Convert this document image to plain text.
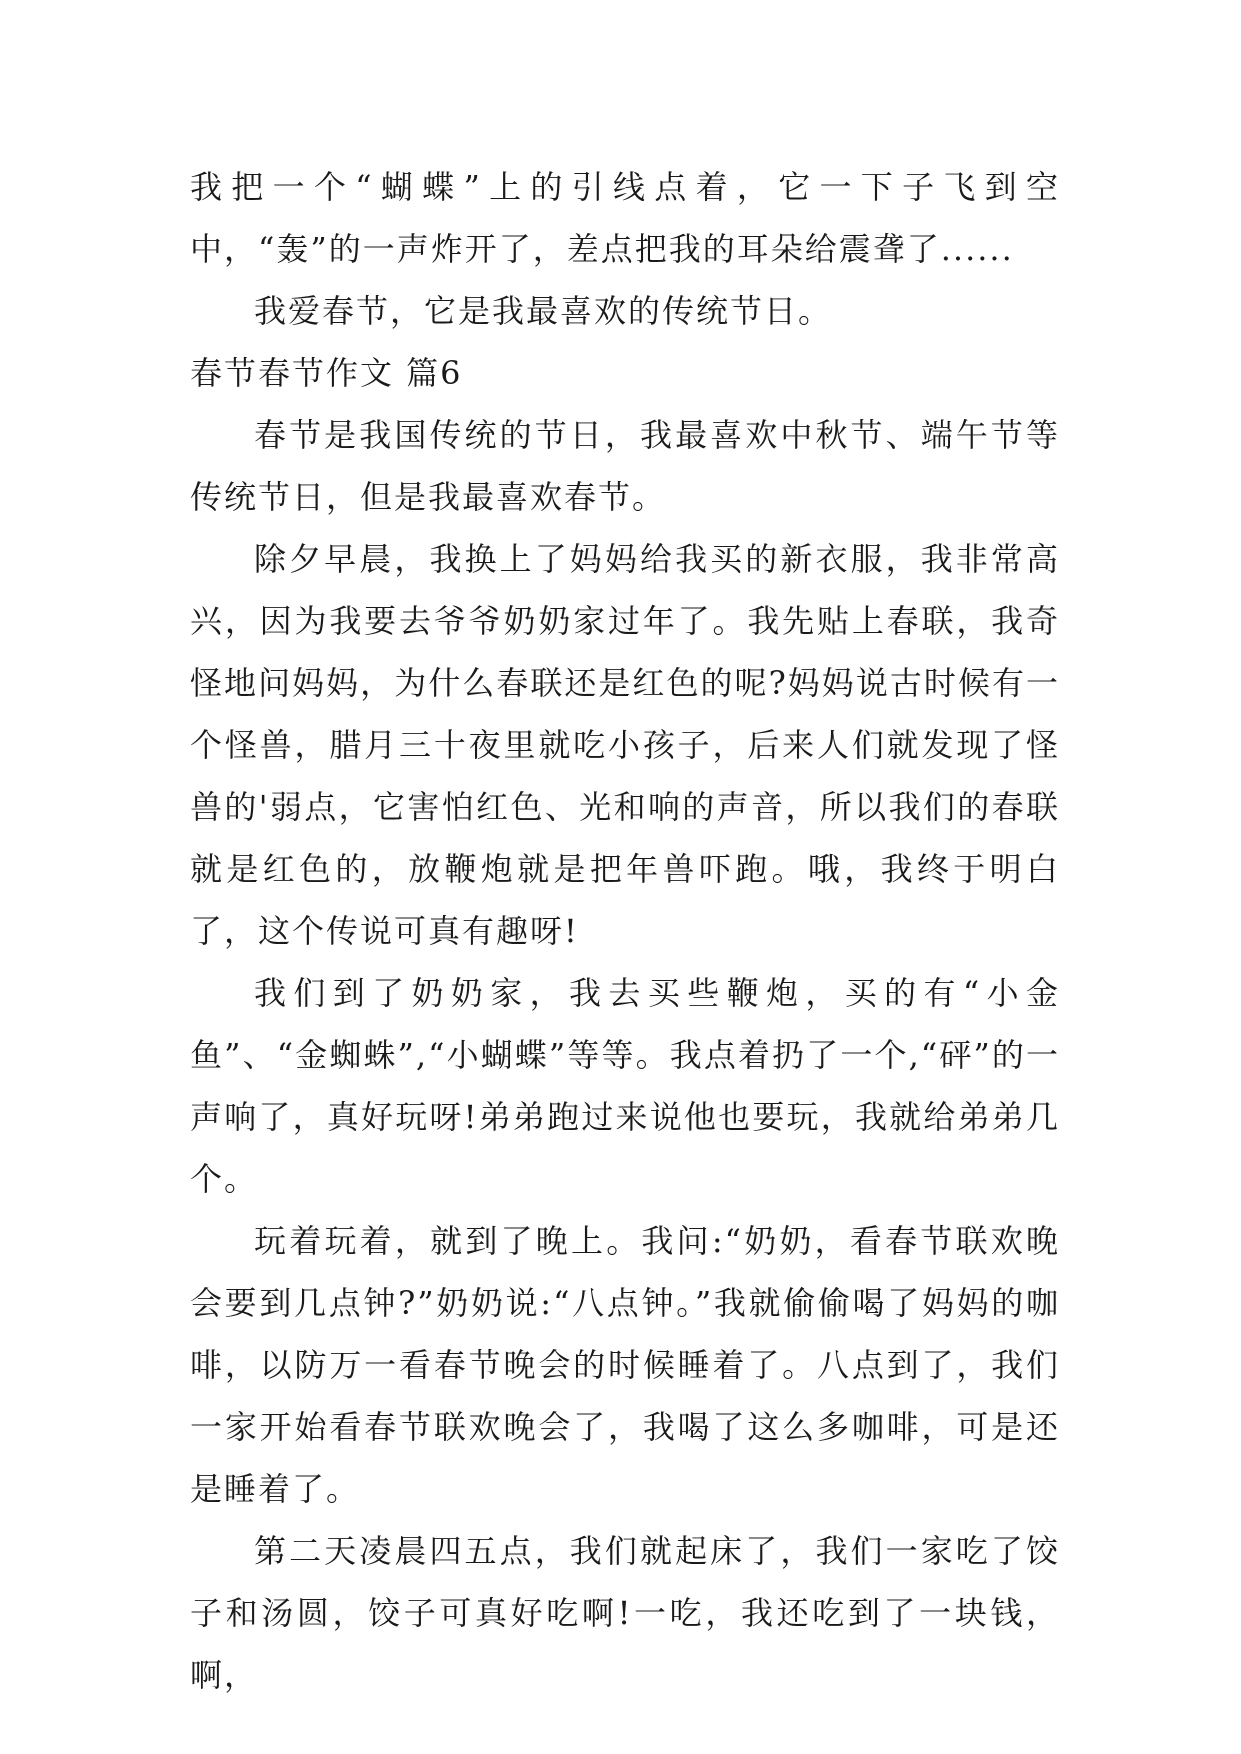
我把一个“蝴蝶”上的引线点着，它一下子飞到空中，“轰”的一声炸开了，差点把我的耳朵给震聋了......

我爱春节，它是我最喜欢的传统节日。

春节春节作文 篇6

春节是我国传统的节日，我最喜欢中秋节、端午节等传统节日，但是我最喜欢春节。

除夕早晨，我换上了妈妈给我买的新衣服，我非常高兴，因为我要去爷爷奶奶家过年了。我先贴上春联，我奇怪地问妈妈，为什么春联还是红色的呢?妈妈说古时候有一个怪兽，腊月三十夜里就吃小孩子，后来人们就发现了怪兽的'弱点，它害怕红色、光和响的声音，所以我们的春联就是红色的，放鞭炮就是把年兽吓跑。哦，我终于明白了，这个传说可真有趣呀!

我们到了奶奶家，我去买些鞭炮，买的有“小金鱼”、“金蜘蛛”,“小蝴蝶”等等。我点着扔了一个,“砰”的一声响了，真好玩呀!弟弟跑过来说他也要玩，我就给弟弟几个。

玩着玩着，就到了晚上。我问:“奶奶，看春节联欢晚会要到几点钟?”奶奶说:“八点钟。”我就偷偷喝了妈妈的咖啡，以防万一看春节晚会的时候睡着了。八点到了，我们一家开始看春节联欢晚会了，我喝了这么多咖啡，可是还是睡着了。

第二天凌晨四五点，我们就起床了，我们一家吃了饺子和汤圆，饺子可真好吃啊!一吃，我还吃到了一块钱，啊，
